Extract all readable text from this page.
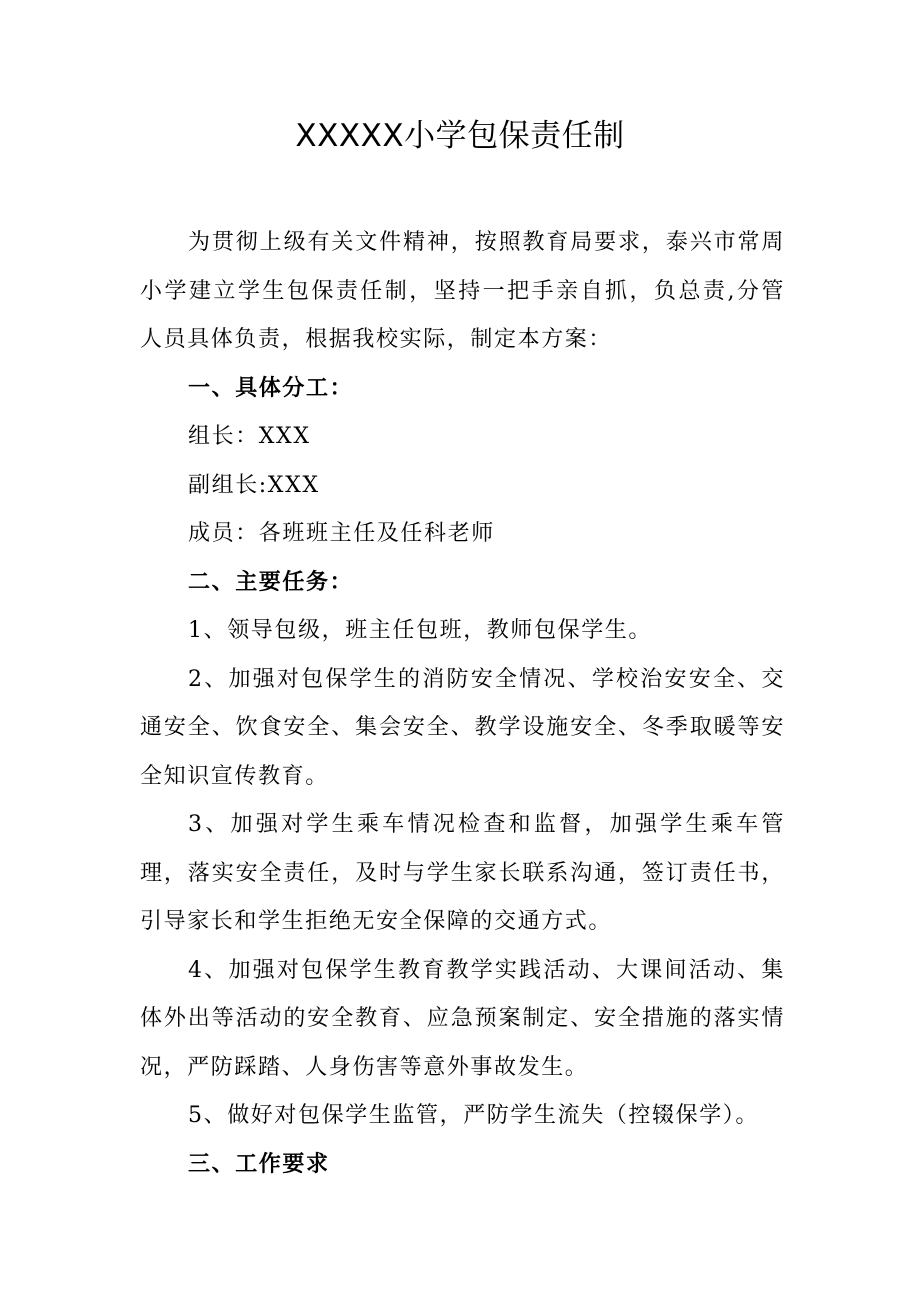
XXXXX小学包保责任制

为贯彻上级有关文件精神，按照教育局要求，泰兴市常周小学建立学生包保责任制，坚持一把手亲自抓，负总责,分管人员具体负责，根据我校实际，制定本方案：

一、具体分工：

组长：XXX

副组长:XXX

成员：各班班主任及任科老师

二、主要任务：

1、领导包级，班主任包班，教师包保学生。

2、加强对包保学生的消防安全情况、学校治安安全、交通安全、饮食安全、集会安全、教学设施安全、冬季取暖等安全知识宣传教育。

3、加强对学生乘车情况检查和监督，加强学生乘车管理，落实安全责任，及时与学生家长联系沟通，签订责任书，引导家长和学生拒绝无安全保障的交通方式。

4、加强对包保学生教育教学实践活动、大课间活动、集体外出等活动的安全教育、应急预案制定、安全措施的落实情况，严防踩踏、人身伤害等意外事故发生。

5、做好对包保学生监管，严防学生流失（控辍保学）。

三、工作要求
